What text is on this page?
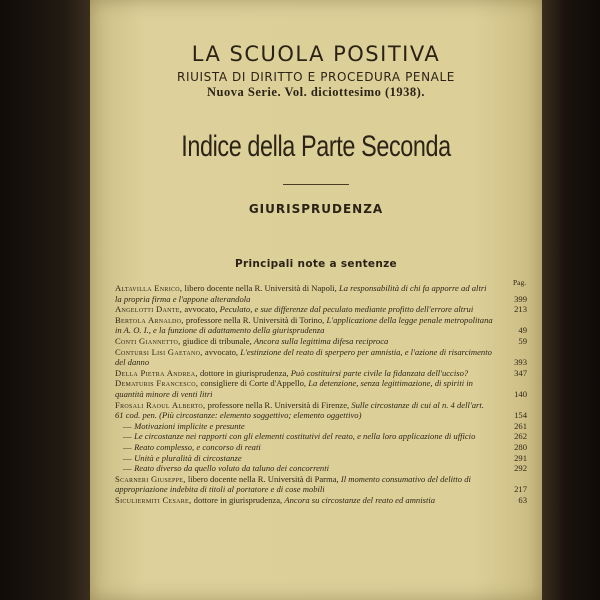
LA SCUOLA POSITIVA
RIUISTA DI DIRITTO E PROCEDURA PENALE
Nuova Serie. Vol. diciottesimo (1938).
Indice della Parte Seconda
GIURISPRUDENZA
Principali note a sentenze
Pag.
Altavilla Enrico, libero docente nella R. Università di Napoli, La responsabilità di chi fa apporre ad altri la propria firma e l'appone alterandola	399
Angelotti Dante, avvocato, Peculato, e sue differenze dal peculato mediante profitto dell'errore altrui	213
Bertola Arnaldo, professore nella R. Università di Torino, L'applicazione della legge penale metropolitana in A. O. I., e la funzione di adattamento della giurisprudenza	49
Conti Giannetto, giudice di tribunale, Ancora sulla legittima difesa reciproca	59
Contursi Lisi Gaetano, avvocato, L'estinzione del reato di sperpero per amnistia, e l'azione di risarcimento del danno	393
Della Pietra Andrea, dottore in giurisprudenza, Può costituirsi parte civile la fidanzata dell'ucciso?	347
Dematuris Francesco, consigliere di Corte d'Appello, La detenzione, senza legittimazione, di spiriti in quantità minore di venti litri	140
Frosali Raoul Alberto, professore nella R. Università di Firenze, Sulle circostanze di cui al n. 4 dell'art. 61 cod. pen. (Più circostanze: elemento soggettivo; elemento oggettivo)	154
— Motivazioni implicite e presunte	261
— Le circostanze nei rapporti con gli elementi costitutivi del reato, e nella loro applicazione di ufficio	262
— Reato complesso, e concorso di reati	280
— Unità e pluralità di circostanze	291
— Reato diverso da quello voluto da taluno dei concorrenti	292
Scarneri Giuseppe, libero docente nella R. Università di Parma, Il momento consumativo del delitto di appropriazione indebita di titoli al portatore e di cose mobili	217
Siculiermiti Cesare, dottore in giurisprudenza, Ancora su circostanze del reato ed amnistia	63
